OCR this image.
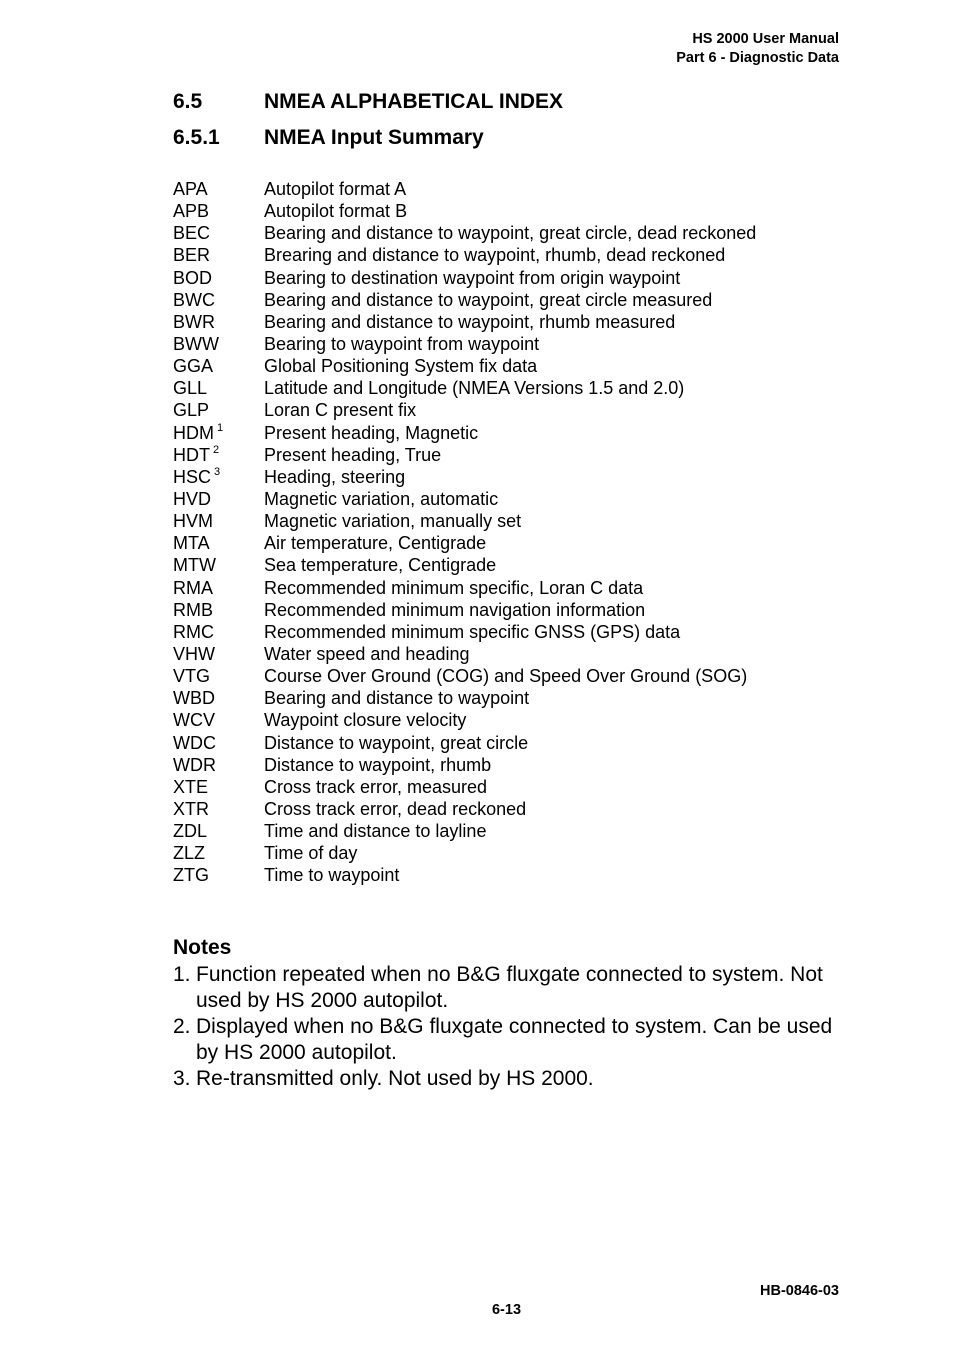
HS 2000 User Manual
Part 6 - Diagnostic Data
6.5	NMEA ALPHABETICAL INDEX
6.5.1 NMEA Input Summary
APA	Autopilot format A
APB	Autopilot format B
BEC	Bearing and distance to waypoint, great circle, dead reckoned
BER	Brearing and distance to waypoint, rhumb, dead reckoned
BOD	Bearing to destination waypoint from origin waypoint
BWC	Bearing and distance to waypoint, great circle measured
BWR	Bearing and distance to waypoint, rhumb measured
BWW	Bearing to waypoint from waypoint
GGA	Global Positioning System fix data
GLL	Latitude and Longitude (NMEA Versions 1.5 and 2.0)
GLP	Loran C present fix
HDM $^1$ Present heading, Magnetic
HDT $^2$ Present heading, True
HSC $^3$ Heading, steering
HVD	Magnetic variation, automatic
HVM	Magnetic variation, manually set
MTA	Air temperature, Centigrade
MTW	Sea temperature, Centigrade
RMA	Recommended minimum specific, Loran C data
RMB	Recommended minimum navigation information
RMC	Recommended minimum specific GNSS (GPS) data
VHW	Water speed and heading
VTG	Course Over Ground (COG) and Speed Over Ground (SOG)
WBD	Bearing and distance to waypoint
WCV	Waypoint closure velocity
WDC	Distance to waypoint, great circle
WDR	Distance to waypoint, rhumb
XTE	Cross track error, measured
XTR	Cross track error, dead reckoned
ZDL	Time and distance to layline
ZLZ	Time of day
ZTG	Time to waypoint
Notes
1. Function repeated when no B&G fluxgate connected to system. Not used by HS 2000 autopilot.
2. Displayed when no B&G fluxgate connected to system. Can be used by HS 2000 autopilot.
3. Re-transmitted only. Not used by HS 2000.
HB-0846-03
6-13
